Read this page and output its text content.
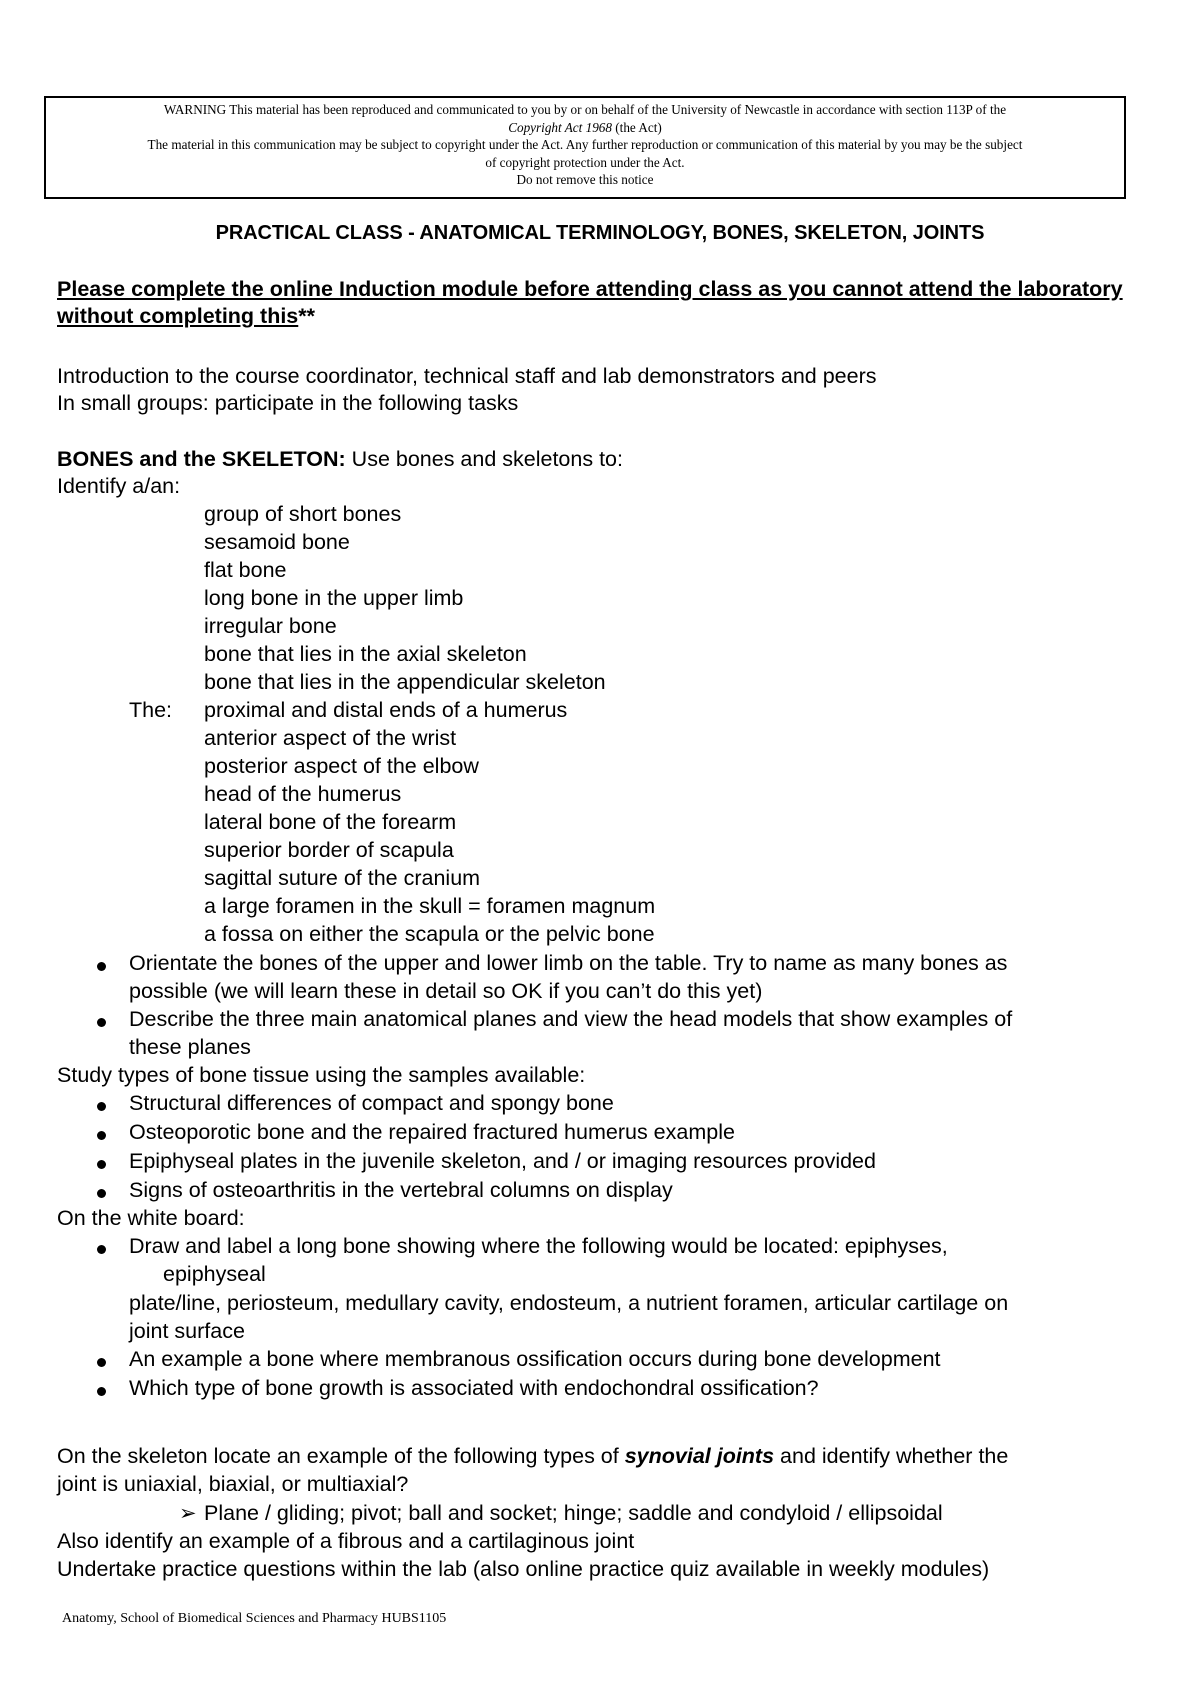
WARNING This material has been reproduced and communicated to you by or on behalf of the University of Newcastle in accordance with section 113P of the
Copyright Act 1968 (the Act)
The material in this communication may be subject to copyright under the Act. Any further reproduction or communication of this material by you may be the subject
of copyright protection under the Act.
Do not remove this notice
PRACTICAL CLASS - ANATOMICAL TERMINOLOGY, BONES, SKELETON, JOINTS
Please complete the online Induction module before attending class as you cannot attend the laboratory without completing this**
Introduction to the course coordinator, technical staff and lab demonstrators and peers
In small groups: participate in the following tasks
BONES and the SKELETON: Use bones and skeletons to:
Identify a/an:
group of short bones
sesamoid bone
flat bone
long bone in the upper limb
irregular bone
bone that lies in the axial skeleton
bone that lies in the appendicular skeleton
The: proximal and distal ends of a humerus
anterior aspect of the wrist
posterior aspect of the elbow
head of the humerus
lateral bone of the forearm
superior border of scapula
sagittal suture of the cranium
a large foramen in the skull = foramen magnum
a fossa on either the scapula or the pelvic bone
Orientate the bones of the upper and lower limb on the table. Try to name as many bones as
possible (we will learn these in detail so OK if you can’t do this yet)
Describe the three main anatomical planes and view the head models that show examples of
these planes
Study types of bone tissue using the samples available:
Structural differences of compact and spongy bone
Osteoporotic bone and the repaired fractured humerus example
Epiphyseal plates in the juvenile skeleton, and / or imaging resources provided
Signs of osteoarthritis in the vertebral columns on display
On the white board:
Draw and label a long bone showing where the following would be located: epiphyses,
epiphyseal
plate/line, periosteum, medullary cavity, endosteum, a nutrient foramen, articular cartilage on
joint surface
An example a bone where membranous ossification occurs during bone development
Which type of bone growth is associated with endochondral ossification?
On the skeleton locate an example of the following types of synovial joints and identify whether the
joint is uniaxial, biaxial, or multiaxial?
➢ Plane / gliding; pivot; ball and socket; hinge; saddle and condyloid / ellipsoidal
Also identify an example of a fibrous and a cartilaginous joint
Undertake practice questions within the lab (also online practice quiz available in weekly modules)
Anatomy, School of Biomedical Sciences and Pharmacy HUBS1105
